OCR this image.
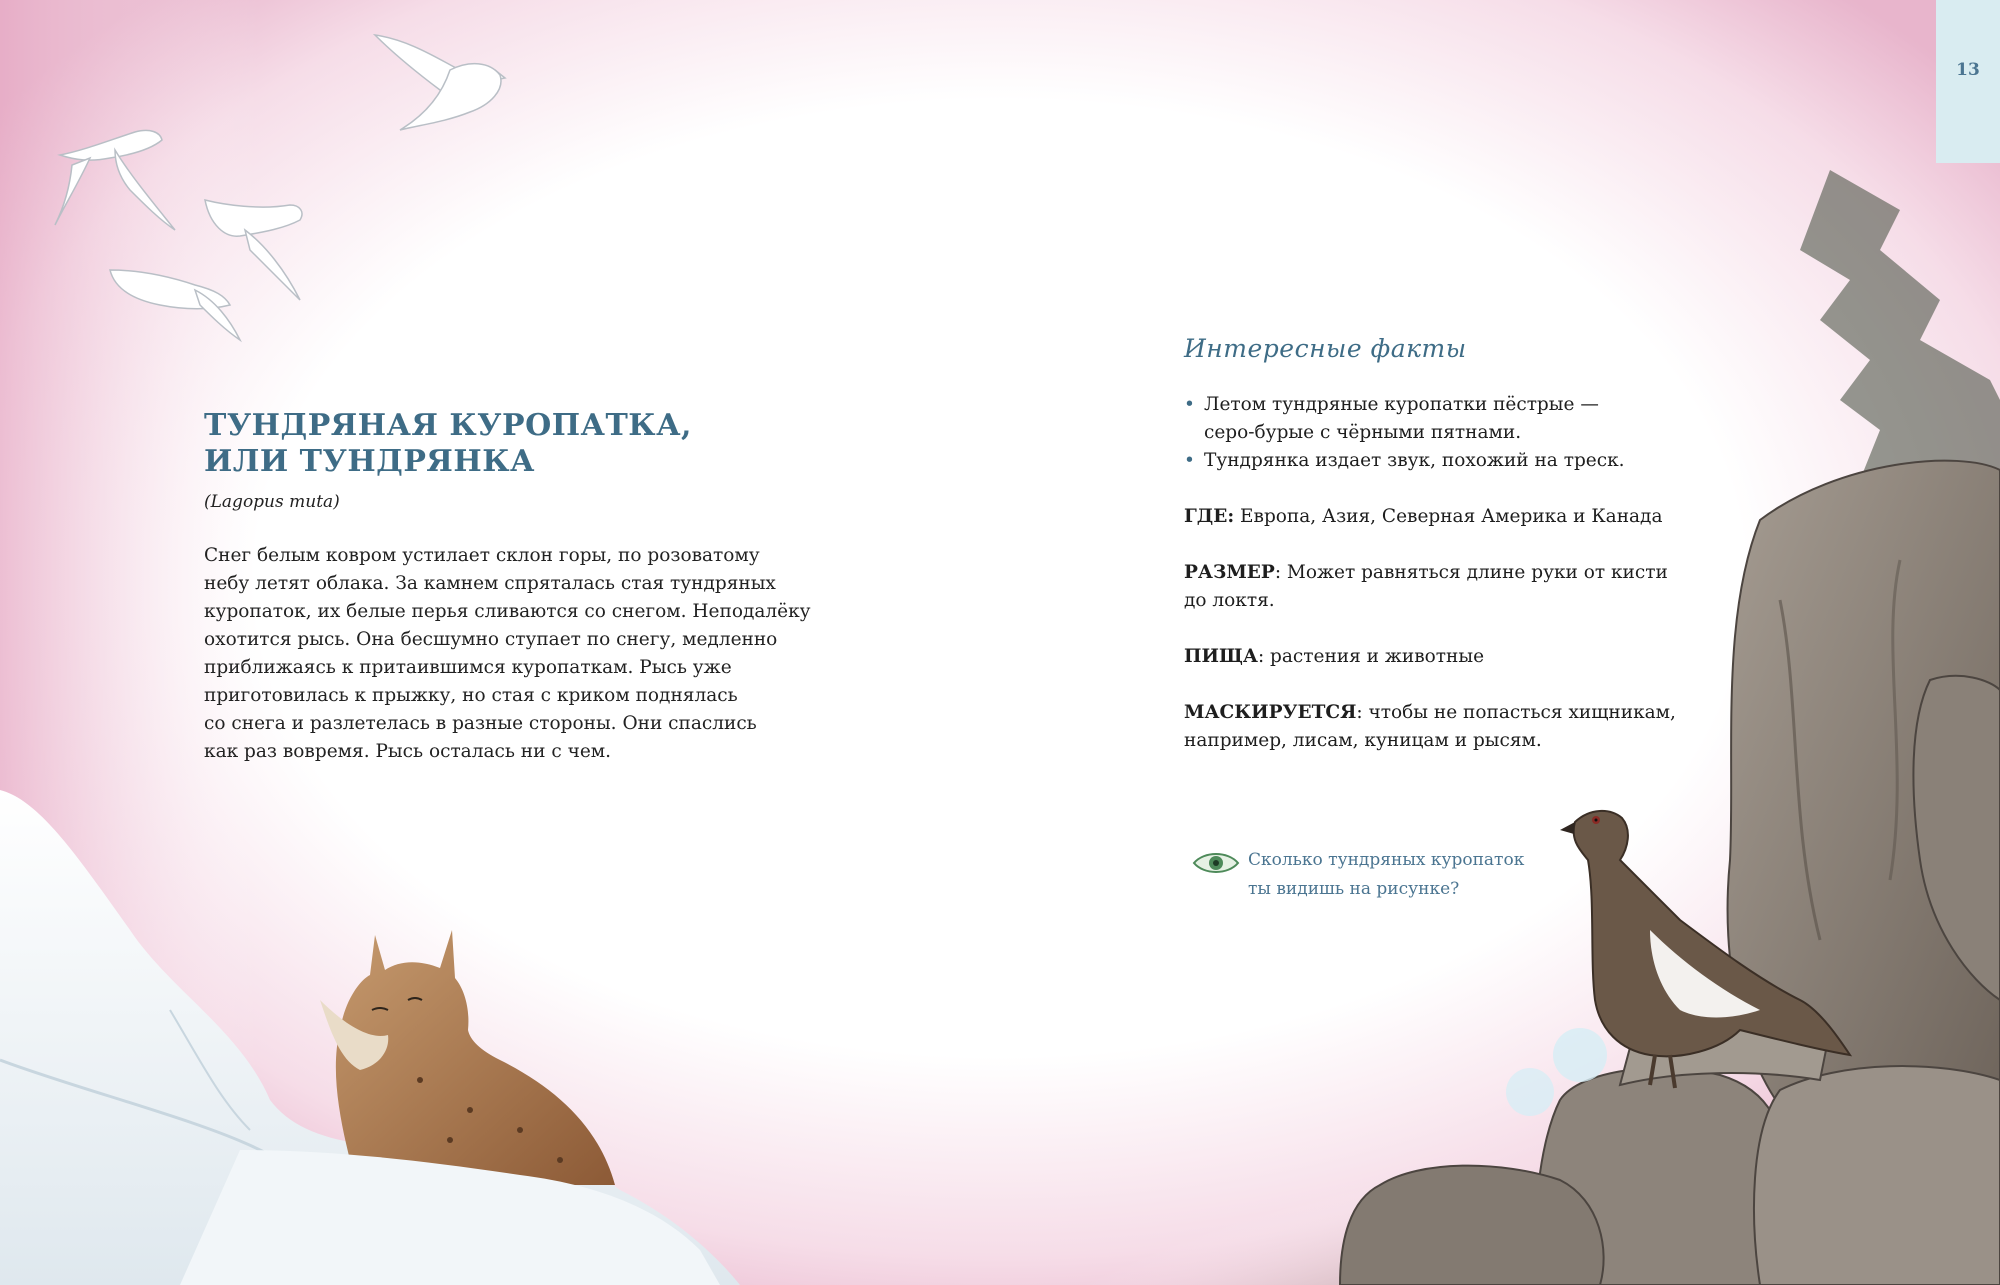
13
ТУНДРЯНАЯ КУРОПАТКА,
ИЛИ ТУНДРЯНКА
(Lagopus muta)
Снег белым ковром устилает склон горы, по розоватому
небу летят облака. За камнем спряталась стая тундряных
куропаток, их белые перья сливаются со снегом. Неподалёку
охотится рысь. Она бесшумно ступает по снегу, медленно
приближаясь к притаившимся куропаткам. Рысь уже
приготовилась к прыжку, но стая с криком поднялась
со снега и разлетелась в разные стороны. Они спаслись
как раз вовремя. Рысь осталась ни с чем.
Интересные факты
• Летом тундряные куропатки пёстрые —
серо-бурые с чёрными пятнами.
• Тундрянка издает звук, похожий на треск.
ГДЕ: Европа, Азия, Северная Америка и Канада
РАЗМЕР: Может равняться длине руки от кисти
до локтя.
ПИЩА: растения и животные
МАСКИРУЕТСЯ: чтобы не попасться хищникам,
например, лисам, куницам и рысям.
Сколько тундряных куропаток
ты видишь на рисунке?
